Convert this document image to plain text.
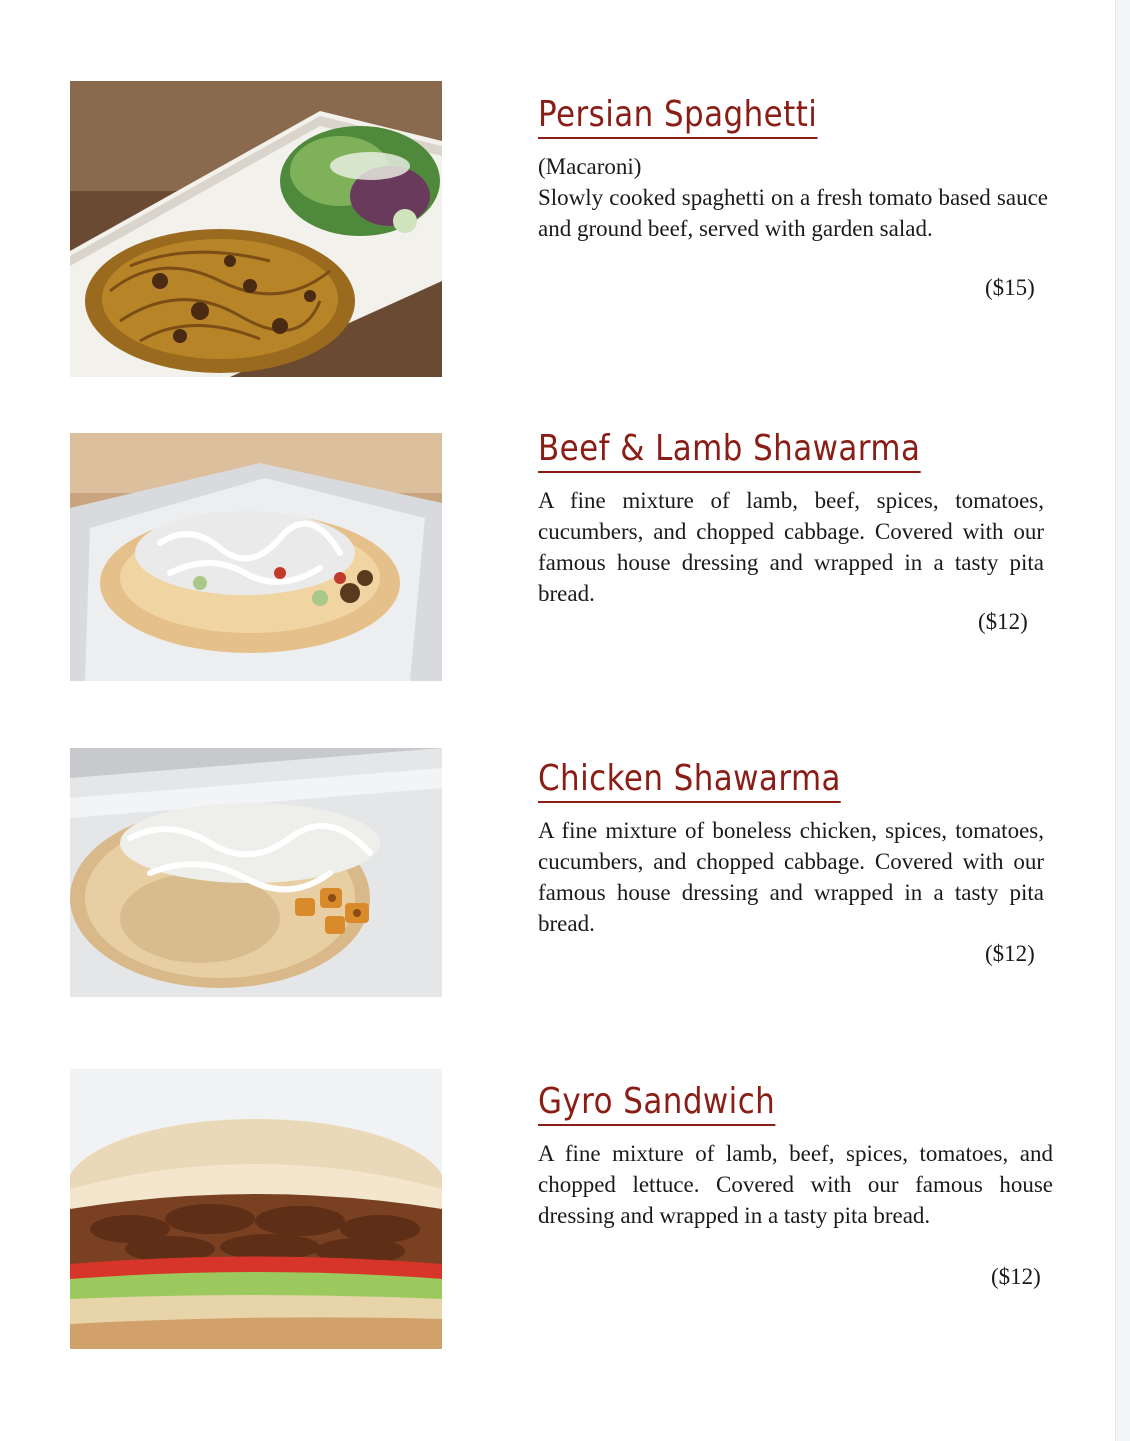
Persian Spaghetti

(Macaroni)

Slowly cooked spaghetti on a fresh tomato based sauce and ground beef, served with garden salad.

($15)
Beef & Lamb Shawarma

A fine mixture of lamb, beef, spices, tomatoes, cucumbers, and chopped cabbage. Covered with our famous house dressing and wrapped in a tasty pita bread.

($12)
Chicken Shawarma

A fine mixture of boneless chicken, spices, tomatoes, cucumbers, and chopped cabbage. Covered with our famous house dressing and wrapped in a tasty pita bread.

($12)
Gyro Sandwich

A fine mixture of lamb, beef, spices, tomatoes, and chopped lettuce. Covered with our famous house dressing and wrapped in a tasty pita bread.

($12)
